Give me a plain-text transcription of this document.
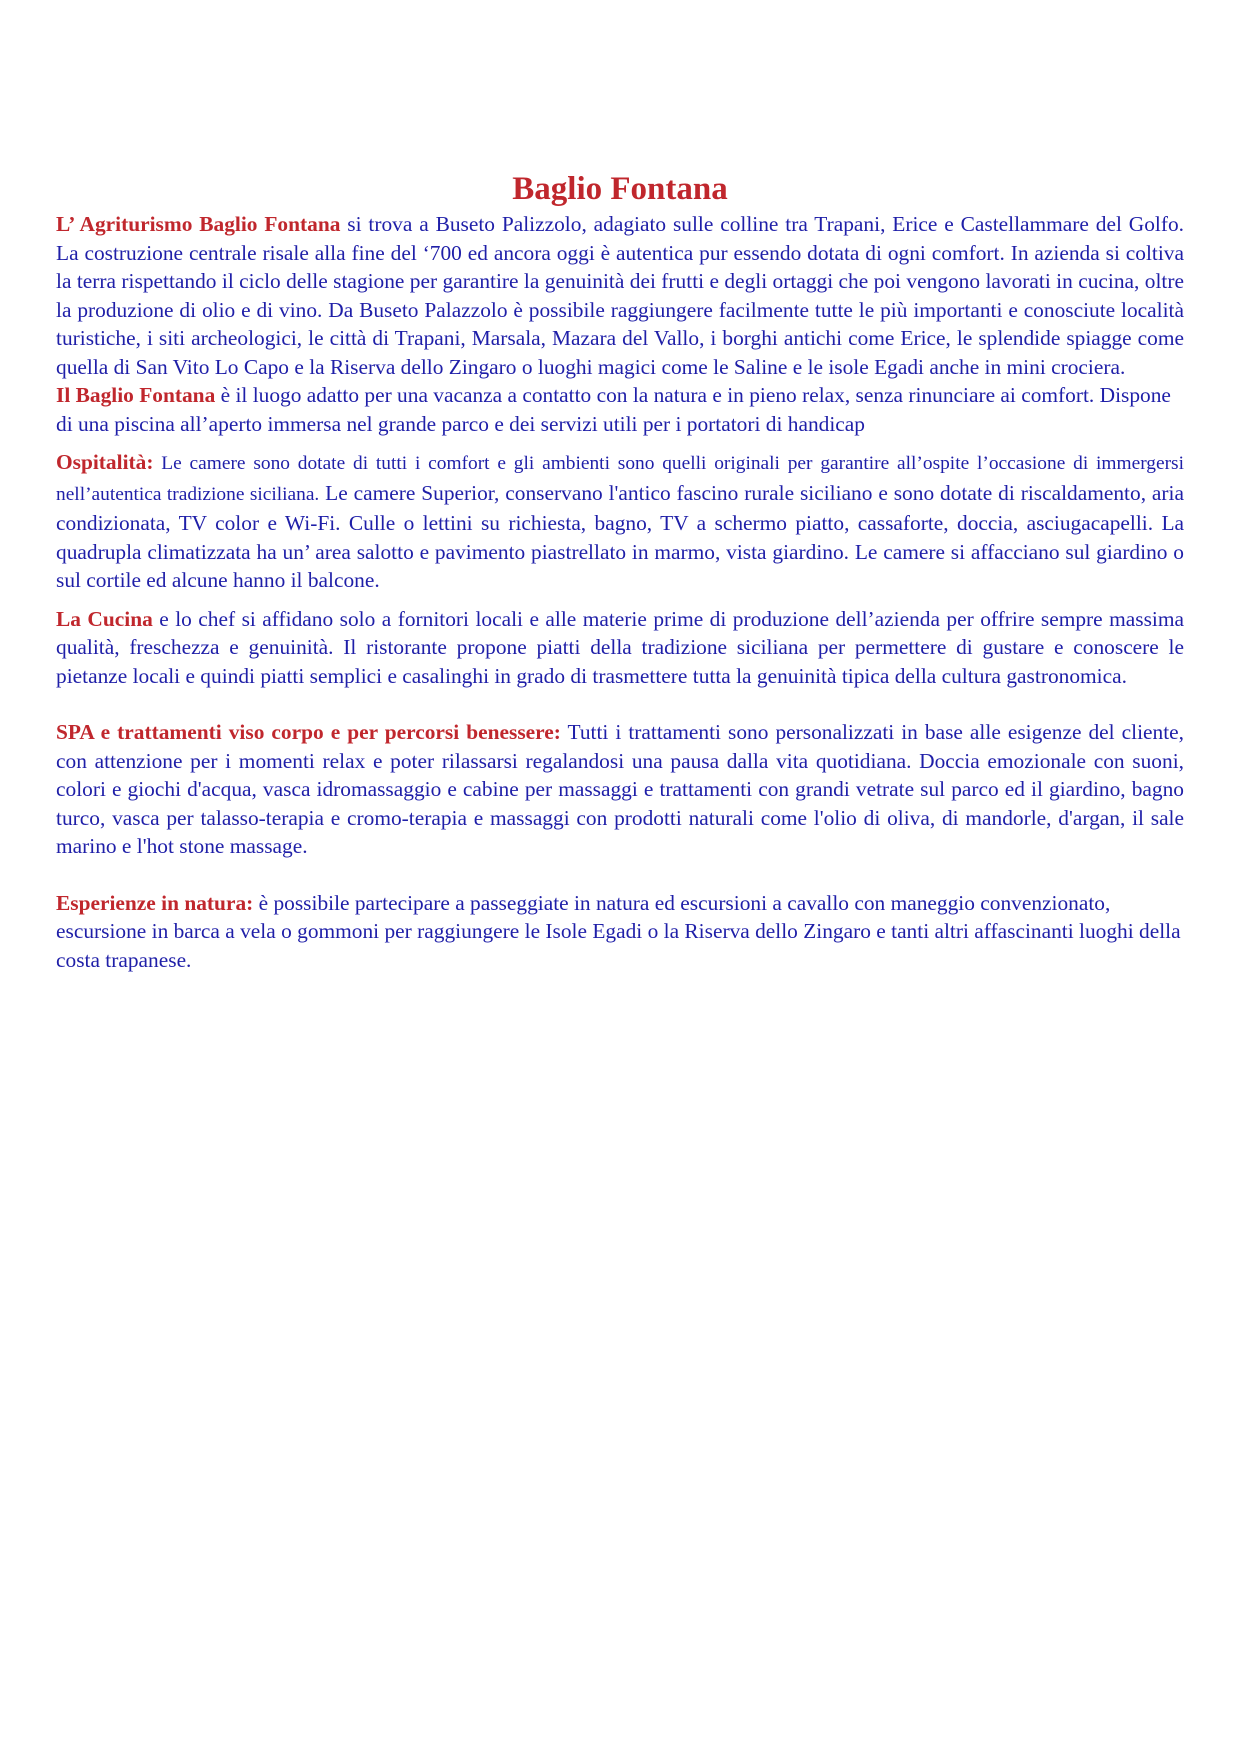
Baglio Fontana

L’ Agriturismo Baglio Fontana si trova a Buseto Palizzolo, adagiato sulle colline tra Trapani, Erice e Castellammare del Golfo. La costruzione centrale risale alla fine del ‘700 ed ancora oggi è autentica pur essendo dotata di ogni comfort. In azienda si coltiva la terra rispettando il ciclo delle stagione per garantire la genuinità dei frutti e degli ortaggi che poi vengono lavorati in cucina, oltre la produzione di olio e di vino. Da Buseto Palazzolo è possibile raggiungere facilmente tutte le più importanti e conosciute località turistiche, i siti archeologici, le città di Trapani, Marsala, Mazara del Vallo, i borghi antichi come Erice, le splendide spiagge come quella di San Vito Lo Capo e la Riserva dello Zingaro o luoghi magici come le Saline e le isole Egadi anche in mini crociera.

Il Baglio Fontana è il luogo adatto per una vacanza a contatto con la natura e in pieno relax, senza rinunciare ai comfort. Dispone di una piscina all’aperto immersa nel grande parco e dei servizi utili per i portatori di handicap

Ospitalità: Le camere sono dotate di tutti i comfort e gli ambienti sono quelli originali per garantire all’ospite l’occasione di immergersi nell’autentica tradizione siciliana. Le camere Superior, conservano l'antico fascino rurale siciliano e sono dotate di riscaldamento, aria condizionata, TV color e Wi-Fi. Culle o lettini su richiesta, bagno, TV a schermo piatto, cassaforte, doccia, asciugacapelli. La quadrupla climatizzata ha un’ area salotto e pavimento piastrellato in marmo, vista giardino. Le camere si affacciano sul giardino o sul cortile ed alcune hanno il balcone.

La Cucina e lo chef si affidano solo a fornitori locali e alle materie prime di produzione dell’azienda per offrire sempre massima qualità, freschezza e genuinità. Il ristorante propone piatti della tradizione siciliana per permettere di gustare e conoscere le pietanze locali e quindi piatti semplici e casalinghi in grado di trasmettere tutta la genuinità tipica della cultura gastronomica.

SPA e trattamenti viso corpo e per percorsi benessere: Tutti i trattamenti sono personalizzati in base alle esigenze del cliente, con attenzione per i momenti relax e poter rilassarsi regalandosi una pausa dalla vita quotidiana. Doccia emozionale con suoni, colori e giochi d'acqua, vasca idromassaggio e cabine per massaggi e trattamenti con grandi vetrate sul parco ed il giardino, bagno turco, vasca per talasso-terapia e cromo-terapia e massaggi con prodotti naturali come l'olio di oliva, di mandorle, d'argan, il sale marino e l'hot stone massage.

Esperienze in natura: è possibile partecipare a passeggiate in natura ed escursioni a cavallo con maneggio convenzionato, escursione in barca a vela o gommoni per raggiungere le Isole Egadi o la Riserva dello Zingaro e tanti altri affascinanti luoghi della costa trapanese.
